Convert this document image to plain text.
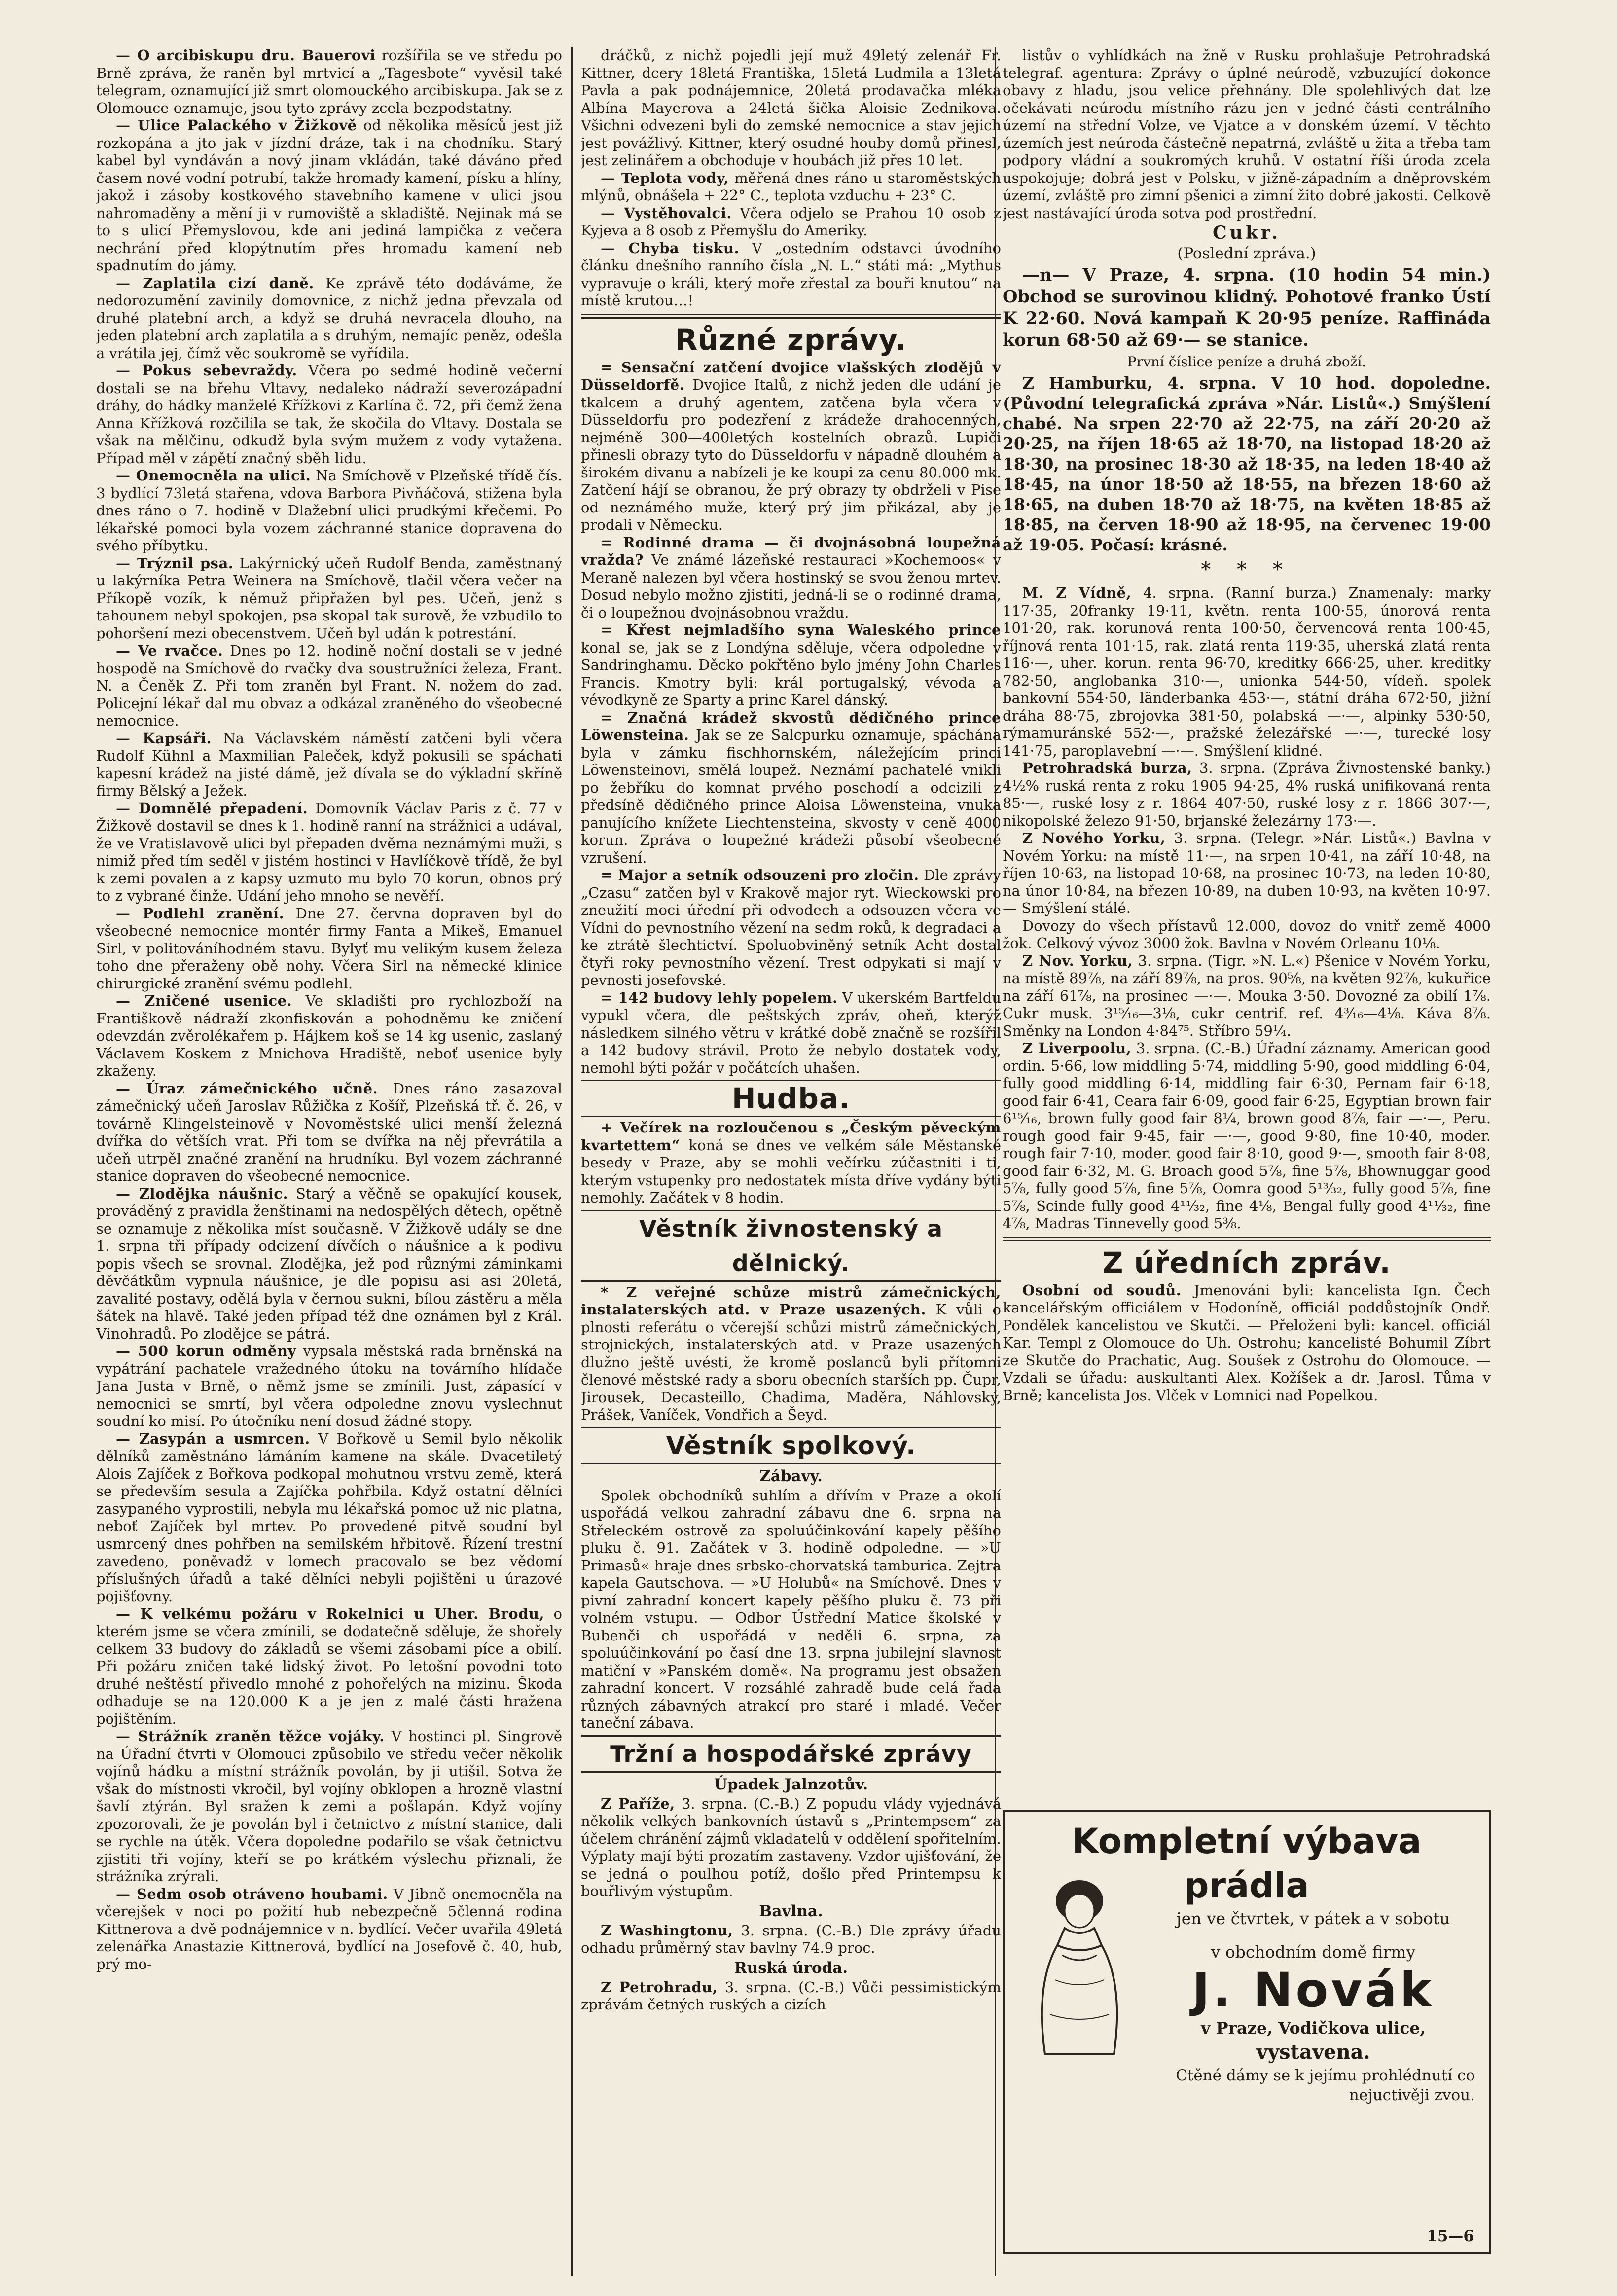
— O arcibiskupu dru. Bauerovi rozšířila se ve středu po Brně zpráva, že raněn byl mrtvicí a „Tagesbote“ vyvěsil také telegram, oznamující již smrt olomouckého arcibiskupa. Jak se z Olomouce oznamuje, jsou tyto zprávy zcela bezpodstatny.

— Ulice Palackého v Žižkově od několika měsíců jest již rozkopána a jto jak v jízdní dráze, tak i na chodníku. Starý kabel byl vyndáván a nový jinam vkládán, také dáváno před časem nové vodní potrubí, takže hromady kamení, písku a hlíny, jakož i zásoby kostkového stavebního kamene v ulici jsou nahromaděny a mění ji v rumoviště a skladiště. Nejinak má se to s ulicí Přemyslovou, kde ani jediná lampička z večera nechrání před klopýtnutím přes hromadu kamení neb spadnutím do jámy.

— Zaplatila cizí daně. Ke zprávě této dodáváme, že nedorozumění zavinily domovnice, z nichž jedna převzala od druhé platební arch, a když se druhá nevracela dlouho, na jeden platební arch zaplatila a s druhým, nemajíc peněz, odešla a vrátila jej, čímž věc soukromě se vyřídila.

— Pokus sebevraždy. Včera po sedmé hodině večerní dostali se na břehu Vltavy, nedaleko nádraží severozápadní dráhy, do hádky manželé Křížkovi z Karlína č. 72, při čemž žena Anna Křížková rozčilila se tak, že skočila do Vltavy. Dostala se však na mělčinu, odkudž byla svým mužem z vody vytažena. Případ měl v zápětí značný sběh lidu.

— Onemocněla na ulici. Na Smíchově v Plzeňské třídě čís. 3 bydlící 73letá stařena, vdova Barbora Pivňáčová, stižena byla dnes ráno o 7. hodině v Dlažební ulici prudkými křečemi. Po lékařské pomoci byla vozem záchranné stanice dopravena do svého příbytku.

— Trýznil psa. Lakýrnický učeň Rudolf Benda, zaměstnaný u lakýrníka Petra Weinera na Smíchově, tlačil včera večer na Příkopě vozík, k němuž připřažen byl pes. Učeň, jenž s tahounem nebyl spokojen, psa skopal tak surově, že vzbudilo to pohoršení mezi obecenstvem. Učeň byl udán k potrestání.

— Ve rvačce. Dnes po 12. hodině noční dostali se v jedné hospodě na Smíchově do rvačky dva soustružníci železa, Frant. N. a Čeněk Z. Při tom zraněn byl Frant. N. nožem do zad. Policejní lékař dal mu obvaz a odkázal zraněného do všeobecné nemocnice.

— Kapsáři. Na Václavském náměstí zatčeni byli včera Rudolf Kühnl a Maxmilian Paleček, když pokusili se spáchati kapesní krádež na jisté dámě, jež dívala se do výkladní skříně firmy Bělský a Ježek.

— Domnělé přepadení. Domovník Václav Paris z č. 77 v Žižkově dostavil se dnes k 1. hodině ranní na strážnici a udával, že ve Vratislavově ulici byl přepaden dvěma neznámými muži, s nimiž před tím seděl v jistém hostinci v Havlíčkově třídě, že byl k zemi povalen a z kapsy uzmuto mu bylo 70 korun, obnos prý to z vybrané činže. Udání jeho mnoho se nevěří.

— Podlehl zranění. Dne 27. června dopraven byl do všeobecné nemocnice montér firmy Fanta a Mikeš, Emanuel Sirl, v politováníhodném stavu. Bylyť mu velikým kusem železa toho dne přeraženy obě nohy. Včera Sirl na německé klinice chirurgické zranění svému podlehl.

— Zničené usenice. Ve skladišti pro rychlozboží na Františkově nádraží zkonfiskován a pohodněmu ke zničení odevzdán zvěrolékařem p. Hájkem koš se 14 kg usenic, zaslaný Václavem Koskem z Mnichova Hradiště, neboť usenice byly zkaženy.

— Úraz zámečnického učně. Dnes ráno zasazoval zámečnický učeň Jaroslav Růžička z Košíř, Plzeňská tř. č. 26, v továrně Klingelsteinově v Novoměstské ulici menší železná dvířka do větších vrat. Při tom se dvířka na něj převrátila a učeň utrpěl značné zranění na hrudníku. Byl vozem záchranné stanice dopraven do všeobecné nemocnice.

— Zlodějka náušnic. Starý a věčně se opakující kousek, prováděný z pravidla ženštinami na nedospělých dětech, opětně se oznamuje z několika míst současně. V Žižkově udály se dne 1. srpna tři případy odcizení dívčích o náušnice a k podivu popis všech se srovnal. Zlodějka, jež pod různými záminkami děvčátkům vypnula náušnice, je dle popisu asi asi 20letá, zavalité postavy, odělá byla v černou sukni, bílou zástěru a měla šátek na hlavě. Také jeden případ též dne oznámen byl z Král. Vinohradů. Po zlodějce se pátrá.

— 500 korun odměny vypsala městská rada brněnská na vypátrání pachatele vražedného útoku na továrního hlídače Jana Justa v Brně, o němž jsme se zmínili. Just, zápasící v nemocnici se smrtí, byl včera odpoledne znovu vyslechnut soudní ko misí. Po útočníku není dosud žádné stopy.

— Zasypán a usmrcen. V Bořkově u Semil bylo několik dělníků zaměstnáno lámáním kamene na skále. Dvacetiletý Alois Zajíček z Bořkova podkopal mohutnou vrstvu země, která se především sesula a Zajíčka pohřbila. Když ostatní dělníci zasypaného vyprostili, nebyla mu lékařská pomoc už nic platna, neboť Zajíček byl mrtev. Po provedené pitvě soudní byl usmrcený dnes pohřben na semilském hřbitově. Řízení trestní zavedeno, poněvadž v lomech pracovalo se bez vědomí příslušných úřadů a také dělníci nebyli pojištěni u úrazové pojišťovny.

— K velkému požáru v Rokelnici u Uher. Brodu, o kterém jsme se včera zmínili, se dodatečně sděluje, že shořely celkem 33 budovy do základů se všemi zásobami píce a obilí. Při požáru zničen také lidský život. Po letošní povodni toto druhé neštěstí přivedlo mnohé z pohořelých na mizinu. Škoda odhaduje se na 120.000 K a je jen z malé části hražena pojištěním.

— Strážník zraněn těžce vojáky. V hostinci pl. Singrově na Úřadní čtvrti v Olomouci způsobilo ve středu večer několik vojínů hádku a místní strážník povolán, by ji utišil. Sotva že však do místnosti vkročil, byl vojíny obklopen a hrozně vlastní šavlí ztýrán. Byl sražen k zemi a pošlapán. Když vojíny zpozorovali, že je povolán byl i četnictvo z místní stanice, dali se rychle na útěk. Včera dopoledne podařilo se však četnictvu zjistiti tři vojíny, kteří se po krátkém výslechu přiznali, že strážníka zrýrali.

— Sedm osob otráveno houbami. V Jibně onemocněla na včerejšek v noci po požití hub nebezpečně 5členná rodina Kittnerova a dvě podnájemnice v n. bydlící. Večer uvařila 49letá zelenářka Anastazie Kittnerová, bydlící na Josefově č. 40, hub, prý mo-

dráčků, z nichž pojedli její muž 49letý zelenář Fr. Kittner, dcery 18letá Františka, 15letá Ludmila a 13letá Pavla a pak podnájemnice, 20letá prodavačka mléka Albína Mayerova a 24letá šička Aloisie Zednikova. Všichni odvezeni byli do zemské nemocnice a stav jejich jest povážlivý. Kittner, který osudné houby domů přinesl, jest zelinářem a obchoduje v houbách již přes 10 let.

— Teplota vody, měřená dnes ráno u staroměstských mlýnů, obnášela + 22° C., teplota vzduchu + 23° C.

— Vystěhovalci. Včera odjelo se Prahou 10 osob z Kyjeva a 8 osob z Přemyšlu do Ameriky.

— Chyba tisku. V „ostedním odstavci úvodního článku dnešního ranního čísla „N. L.“ státi má: „Mythus vypravuje o králi, který moře zřestal za bouři knutou“ na místě krutou…!

Různé zprávy.

= Sensační zatčení dvojice vlašských zlodějů v Düsseldorfě. Dvojice Italů, z nichž jeden dle udání je tkalcem a druhý agentem, zatčena byla včera v Düsseldorfu pro podezření z krádeže drahocenných, nejméně 300—400letých kostelních obrazů. Lupiči přinesli obrazy tyto do Düsseldorfu v nápadně dlouhém a širokém divanu a nabízeli je ke koupi za cenu 80.000 mk. Zatčení hájí se obranou, že prý obrazy ty obdrželi v Pise od neznámého muže, který prý jim přikázal, aby je prodali v Německu.

= Rodinné drama — či dvojnásobná loupežná vražda? Ve známé lázeňské restauraci »Kochemoos« v Meraně nalezen byl včera hostinský se svou ženou mrtev. Dosud nebylo možno zjistiti, jedná-li se o rodinné drama, či o loupežnou dvojnásobnou vraždu.

= Křest nejmladšího syna Waleského prince konal se, jak se z Londýna sděluje, včera odpoledne v Sandringhamu. Děcko pokřtěno bylo jmény John Charles Francis. Kmotry byli: král portugalský, vévoda a vévodkyně ze Sparty a princ Karel dánský.

= Značná krádež skvostů dědičného prince Löwensteina. Jak se ze Salcpurku oznamuje, spáchána byla v zámku fischhornském, náležejícím princi Löwensteinovi, smělá loupež. Neznámí pachatelé vnikli po žebříku do komnat prvého poschodí a odcizili z předsíně dědičného prince Aloisa Löwensteina, vnuka panujícího knížete Liechtensteina, skvosty v ceně 4000 korun. Zpráva o loupežné krádeži působí všeobecné vzrušení.

= Major a setník odsouzeni pro zločin. Dle zprávy „Czasu“ zatčen byl v Krakově major ryt. Wieckowski pro zneužití moci úřední při odvodech a odsouzen včera ve Vídni do pevnostního vězení na sedm roků, k degradaci a ke ztrátě šlechtictví. Spoluobviněný setník Acht dostal čtyři roky pevnostního vězení. Trest odpykati si mají v pevnosti josefovské.

= 142 budovy lehly popelem. V ukerském Bartfeldu vypukl včera, dle peštských zpráv, oheň, kterýž následkem silného větru v krátké době značně se rozšířil a 142 budovy strávil. Proto že nebylo dostatek vody, nemohl býti požár v počátcích uhašen.

Hudba.

+ Večírek na rozloučenou s „Českým pěveckým kvartettem“ koná se dnes ve velkém sále Městanské besedy v Praze, aby se mohli večírku zúčastniti i ti, kterým vstupenky pro nedostatek místa dříve vydány býti nemohly. Začátek v 8 hodin.

Věstník živnostenský a dělnický.

* Z veřejné schůze mistrů zámečnických, instalaterských atd. v Praze usazených. K vůli o plnosti referátu o včerejší schůzi mistrů zámečnických, strojnických, instalaterských atd. v Praze usazených dlužno ještě uvésti, že kromě poslanců byli přítomni členové městské rady a sboru obecních starších pp. Čupr, Jirousek, Decasteillo, Chadima, Maděra, Náhlovský, Prášek, Vaníček, Vondřich a Šeyd.

Věstník spolkový.
Zábavy.

Spolek obchodníků suhlím a dřívím v Praze a okolí uspořádá velkou zahradní zábavu dne 6. srpna na Střeleckém ostrově za spoluúčinkování kapely pěšího pluku č. 91. Začátek v 3. hodině odpoledne. — »U Primasů« hraje dnes srbsko-chorvatská tamburica. Zejtra kapela Gautschova. — »U Holubů« na Smíchově. Dnes v pivní zahradní koncert kapely pěšího pluku č. 73 při volném vstupu. — Odbor Ústřední Matice školské v Bubenči ch uspořádá v neděli 6. srpna, za spoluúčinkování po časí dne 13. srpna jubilejní slavnost matiční v »Panském domě«. Na programu jest obsažen zahradní koncert. V rozsáhlé zahradě bude celá řada různých zábavných atrakcí pro staré i mladé. Večer taneční zábava.

Tržní a hospodářské zprávy
Úpadek Jalnzotův.

Z Paříže, 3. srpna. (C.-B.) Z popudu vlády vyjednává několik velkých bankovních ústavů s „Printempsem“ za účelem chránění zájmů vkladatelů v oddělení spořitelním. Výplaty mají býti prozatím zastaveny. Vzdor ujišťování, že se jedná o poulhou potíž, došlo před Printempsu k bouřlivým výstupům.

Bavlna.

Z Washingtonu, 3. srpna. (C.-B.) Dle zprávy úřadu odhadu průměrný stav bavlny 74.9 proc.

Ruská úroda.

Z Petrohradu, 3. srpna. (C.-B.) Vůči pessimistickým zprávám četných ruských a cizích

listův o vyhlídkách na žně v Rusku prohlašuje Petrohradská telegraf. agentura: Zprávy o úplné neúrodě, vzbuzující dokonce obavy z hladu, jsou velice přehnány. Dle spolehlivých dat lze očekávati neúrodu místního rázu jen v jedné části centrálního území na střední Volze, ve Vjatce a v donském území. V těchto územích jest neúroda částečně nepatrná, zvláště u žita a třeba tam podpory vládní a soukromých kruhů. V ostatní říši úroda zcela uspokojuje; dobrá jest v Polsku, v jižně-západním a dněprovském území, zvláště pro zimní pšenici a zimní žito dobré jakosti. Celkově jest nastávající úroda sotva pod prostřední.

Cukr.
(Poslední zpráva.)

—n— V Praze, 4. srpna. (10 hodin 54 min.) Obchod se surovinou klidný. Pohotové franko Ústí K 22·60. Nová kampaň K 20·95 peníze. Raffináda korun 68·50 až 69·— se stanice.

První číslice peníze a druhá zboží.

Z Hamburku, 4. srpna. V 10 hod. dopoledne. (Původní telegrafická zpráva »Nár. Listů«.) Smýšlení chabé. Na srpen 22·70 až 22·75, na září 20·20 až 20·25, na říjen 18·65 až 18·70, na listopad 18·20 až 18·30, na prosinec 18·30 až 18·35, na leden 18·40 až 18·45, na únor 18·50 až 18·55, na březen 18·60 až 18·65, na duben 18·70 až 18·75, na květen 18·85 až 18·85, na červen 18·90 až 18·95, na červenec 19·00 až 19·05. Počasí: krásné.

* * *

M. Z Vídně, 4. srpna. (Ranní burza.) Znamenaly: marky 117·35, 20franky 19·11, květn. renta 100·55, únorová renta 101·20, rak. korunová renta 100·50, červencová renta 100·45, říjnová renta 101·15, rak. zlatá renta 119·35, uherská zlatá renta 116·—, uher. korun. renta 96·70, kreditky 666·25, uher. kreditky 782·50, anglobanka 310·—, unionka 544·50, vídeň. spolek bankovní 554·50, länderbanka 453·—, státní dráha 672·50, jižní dráha 88·75, zbrojovka 381·50, polabská —·—, alpinky 530·50, rýmamuránské 552·—, pražské železářské —·—, turecké losy 141·75, paroplavební —·—. Smýšlení klidné.

Petrohradská burza, 3. srpna. (Zpráva Živnostenské banky.) 4½% ruská renta z roku 1905 94·25, 4% ruská unifikovaná renta 85·—, ruské losy z r. 1864 407·50, ruské losy z r. 1866 307·—, nikopolské železo 91·50, brjanské železárny 173·—.

Z Nového Yorku, 3. srpna. (Telegr. »Nár. Listů«.) Bavlna v Novém Yorku: na místě 11·—, na srpen 10·41, na září 10·48, na říjen 10·63, na listopad 10·68, na prosinec 10·73, na leden 10·80, na únor 10·84, na březen 10·89, na duben 10·93, na květen 10·97. — Smýšlení stálé.

Dovozy do všech přístavů 12.000, dovoz do vnitř země 4000 žok. Celkový vývoz 3000 žok. Bavlna v Novém Orleanu 10⅛.

Z Nov. Yorku, 3. srpna. (Tigr. »N. L.«) Pšenice v Novém Yorku, na místě 89⅞, na září 89⅞, na pros. 90⅝, na květen 92⅞, kukuřice na září 61⅞, na prosinec —·—. Mouka 3·50. Dovozné za obilí 1⅞. Cukr musk. 3¹⁵⁄₁₆—3⅛, cukr centrif. ref. 4³⁄₁₆—4⅛. Káva 8⅞. Směnky na London 4·84⁷⁵. Stříbro 59¼.

Z Liverpoolu, 3. srpna. (C.-B.) Úřadní záznamy. American good ordin. 5·66, low middling 5·74, middling 5·90, good middling 6·04, fully good middling 6·14, middling fair 6·30, Pernam fair 6·18, good fair 6·41, Ceara fair 6·09, good fair 6·25, Egyptian brown fair 6¹⁵⁄₁₆, brown fully good fair 8¼, brown good 8⅞, fair —·—, Peru. rough good fair 9·45, fair —·—, good 9·80, fine 10·40, moder. rough fair 7·10, moder. good fair 8·10, good 9·—, smooth fair 8·08, good fair 6·32, M. G. Broach good 5⅞, fine 5⅞, Bhownuggar good 5⅞, fully good 5⅞, fine 5⅞, Oomra good 5¹³⁄₃₂, fully good 5⅞, fine 5⅞, Scinde fully good 4¹¹⁄₃₂, fine 4⅛, Bengal fully good 4¹¹⁄₃₂, fine 4⅞, Madras Tinnevelly good 5⅜.

Z úředních zpráv.

Osobní od soudů. Jmenováni byli: kancelista Ign. Čech kancelářským officiálem v Hodoníně, officiál poddůstojník Ondř. Pondělek kancelistou ve Skutči. — Přeloženi byli: kancel. officiál Kar. Templ z Olomouce do Uh. Ostrohu; kancelisté Bohumil Zíbrt ze Skutče do Prachatic, Aug. Soušek z Ostrohu do Olomouce. — Vzdali se úřadu: auskultanti Alex. Kožíšek a dr. Jarosl. Tůma v Brně; kancelista Jos. Vlček v Lomnici nad Popelkou.

Kompletní výbava prádla
jen ve čtvrtek, v pátek a v sobotu
v obchodním domě firmy
J. Novák
v Praze, Vodičkova ulice,
vystavena.
Ctěné dámy se k jejímu prohlédnutí co nejuctivěji zvou.
15—6
